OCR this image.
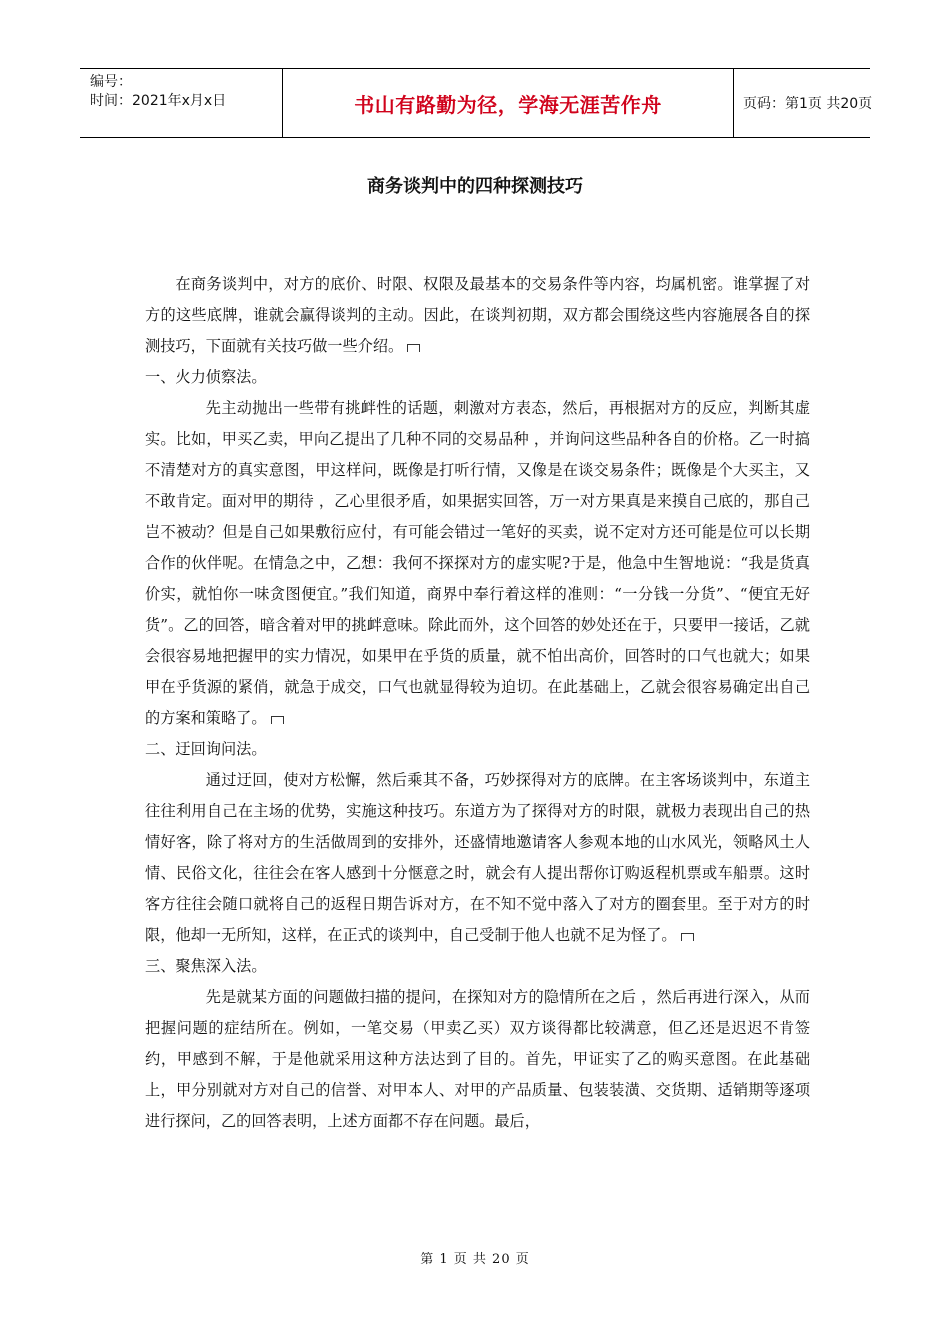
编号：
时间：2021年x月x日	书山有路勤为径，学海无涯苦作舟	页码：第1页 共20页
商务谈判中的四种探测技巧

在商务谈判中，对方的底价、时限、权限及最基本的交易条件等内容，均属机密。谁掌握了对方的这些底牌，谁就会赢得谈判的主动。因此，在谈判初期，双方都会围绕这些内容施展各自的探测技巧，下面就有关技巧做一些介绍。

一、火力侦察法。

先主动抛出一些带有挑衅性的话题，刺激对方表态，然后，再根据对方的反应，判断其虚实。比如，甲买乙卖，甲向乙提出了几种不同的交易品种 ，并询问这些品种各自的价格。乙一时搞不清楚对方的真实意图，甲这样问，既像是打听行情，又像是在谈交易条件；既像是个大买主，又不敢肯定。面对甲的期待 ，乙心里很矛盾，如果据实回答，万一对方果真是来摸自己底的，那自己岂不被动？但是自己如果敷衍应付，有可能会错过一笔好的买卖，说不定对方还可能是位可以长期合作的伙伴呢。在情急之中，乙想：我何不探探对方的虚实呢?于是，他急中生智地说：“我是货真价实，就怕你一味贪图便宜。”我们知道，商界中奉行着这样的准则：“一分钱一分货”、“便宜无好货”。乙的回答，暗含着对甲的挑衅意味。除此而外，这个回答的妙处还在于，只要甲一接话，乙就会很容易地把握甲的实力情况，如果甲在乎货的质量，就不怕出高价，回答时的口气也就大；如果甲在乎货源的紧俏，就急于成交，口气也就显得较为迫切。在此基础上，乙就会很容易确定出自己的方案和策略了。

二、迂回询问法。

通过迂回，使对方松懈，然后乘其不备，巧妙探得对方的底牌。在主客场谈判中，东道主往往利用自己在主场的优势，实施这种技巧。东道方为了探得对方的时限，就极力表现出自己的热情好客，除了将对方的生活做周到的安排外，还盛情地邀请客人参观本地的山水风光，领略风土人情、民俗文化，往往会在客人感到十分惬意之时，就会有人提出帮你订购返程机票或车船票。这时客方往往会随口就将自己的返程日期告诉对方，在不知不觉中落入了对方的圈套里。至于对方的时限，他却一无所知，这样，在正式的谈判中，自己受制于他人也就不足为怪了。

三、聚焦深入法。

先是就某方面的问题做扫描的提问，在探知对方的隐情所在之后 ，然后再进行深入，从而把握问题的症结所在。例如，一笔交易（甲卖乙买）双方谈得都比较满意，但乙还是迟迟不肯签约，甲感到不解，于是他就采用这种方法达到了目的。首先，甲证实了乙的购买意图。在此基础上，甲分别就对方对自己的信誉、对甲本人、对甲的产品质量、包装装潢、交货期、适销期等逐项进行探问，乙的回答表明，上述方面都不存在问题。最后，

第 1 页 共 20 页
